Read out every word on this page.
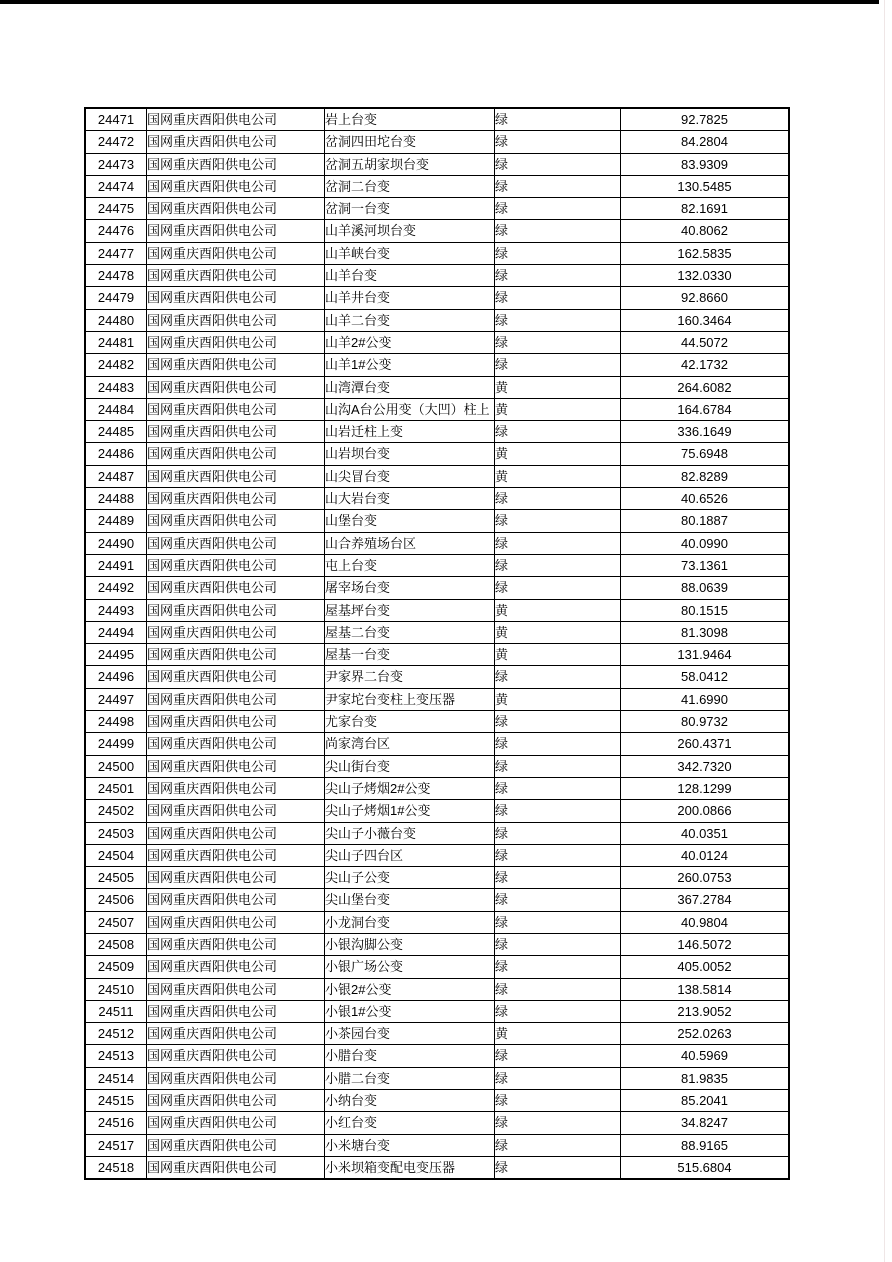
24471	国网重庆酉阳供电公司	岩上台变	绿	92.7825
24472	国网重庆酉阳供电公司	岔洞四田坨台变	绿	84.2804
24473	国网重庆酉阳供电公司	岔洞五胡家坝台变	绿	83.9309
24474	国网重庆酉阳供电公司	岔洞二台变	绿	130.5485
24475	国网重庆酉阳供电公司	岔洞一台变	绿	82.1691
24476	国网重庆酉阳供电公司	山羊溪河坝台变	绿	40.8062
24477	国网重庆酉阳供电公司	山羊峡台变	绿	162.5835
24478	国网重庆酉阳供电公司	山羊台变	绿	132.0330
24479	国网重庆酉阳供电公司	山羊井台变	绿	92.8660
24480	国网重庆酉阳供电公司	山羊二台变	绿	160.3464
24481	国网重庆酉阳供电公司	山羊2#公变	绿	44.5072
24482	国网重庆酉阳供电公司	山羊1#公变	绿	42.1732
24483	国网重庆酉阳供电公司	山湾潭台变	黄	264.6082
24484	国网重庆酉阳供电公司	山沟A台公用变（大凹）柱上	黄	164.6784
24485	国网重庆酉阳供电公司	山岩迁柱上变	绿	336.1649
24486	国网重庆酉阳供电公司	山岩坝台变	黄	75.6948
24487	国网重庆酉阳供电公司	山尖冒台变	黄	82.8289
24488	国网重庆酉阳供电公司	山大岩台变	绿	40.6526
24489	国网重庆酉阳供电公司	山堡台变	绿	80.1887
24490	国网重庆酉阳供电公司	山合养殖场台区	绿	40.0990
24491	国网重庆酉阳供电公司	屯上台变	绿	73.1361
24492	国网重庆酉阳供电公司	屠宰场台变	绿	88.0639
24493	国网重庆酉阳供电公司	屋基坪台变	黄	80.1515
24494	国网重庆酉阳供电公司	屋基二台变	黄	81.3098
24495	国网重庆酉阳供电公司	屋基一台变	黄	131.9464
24496	国网重庆酉阳供电公司	尹家界二台变	绿	58.0412
24497	国网重庆酉阳供电公司	尹家坨台变柱上变压器	黄	41.6990
24498	国网重庆酉阳供电公司	尤家台变	绿	80.9732
24499	国网重庆酉阳供电公司	尚家湾台区	绿	260.4371
24500	国网重庆酉阳供电公司	尖山街台变	绿	342.7320
24501	国网重庆酉阳供电公司	尖山子烤烟2#公变	绿	128.1299
24502	国网重庆酉阳供电公司	尖山子烤烟1#公变	绿	200.0866
24503	国网重庆酉阳供电公司	尖山子小薇台变	绿	40.0351
24504	国网重庆酉阳供电公司	尖山子四台区	绿	40.0124
24505	国网重庆酉阳供电公司	尖山子公变	绿	260.0753
24506	国网重庆酉阳供电公司	尖山堡台变	绿	367.2784
24507	国网重庆酉阳供电公司	小龙洞台变	绿	40.9804
24508	国网重庆酉阳供电公司	小银沟脚公变	绿	146.5072
24509	国网重庆酉阳供电公司	小银广场公变	绿	405.0052
24510	国网重庆酉阳供电公司	小银2#公变	绿	138.5814
24511	国网重庆酉阳供电公司	小银1#公变	绿	213.9052
24512	国网重庆酉阳供电公司	小茶园台变	黄	252.0263
24513	国网重庆酉阳供电公司	小腊台变	绿	40.5969
24514	国网重庆酉阳供电公司	小腊二台变	绿	81.9835
24515	国网重庆酉阳供电公司	小纳台变	绿	85.2041
24516	国网重庆酉阳供电公司	小红台变	绿	34.8247
24517	国网重庆酉阳供电公司	小米塘台变	绿	88.9165
24518	国网重庆酉阳供电公司	小米坝箱变配电变压器	绿	515.6804
